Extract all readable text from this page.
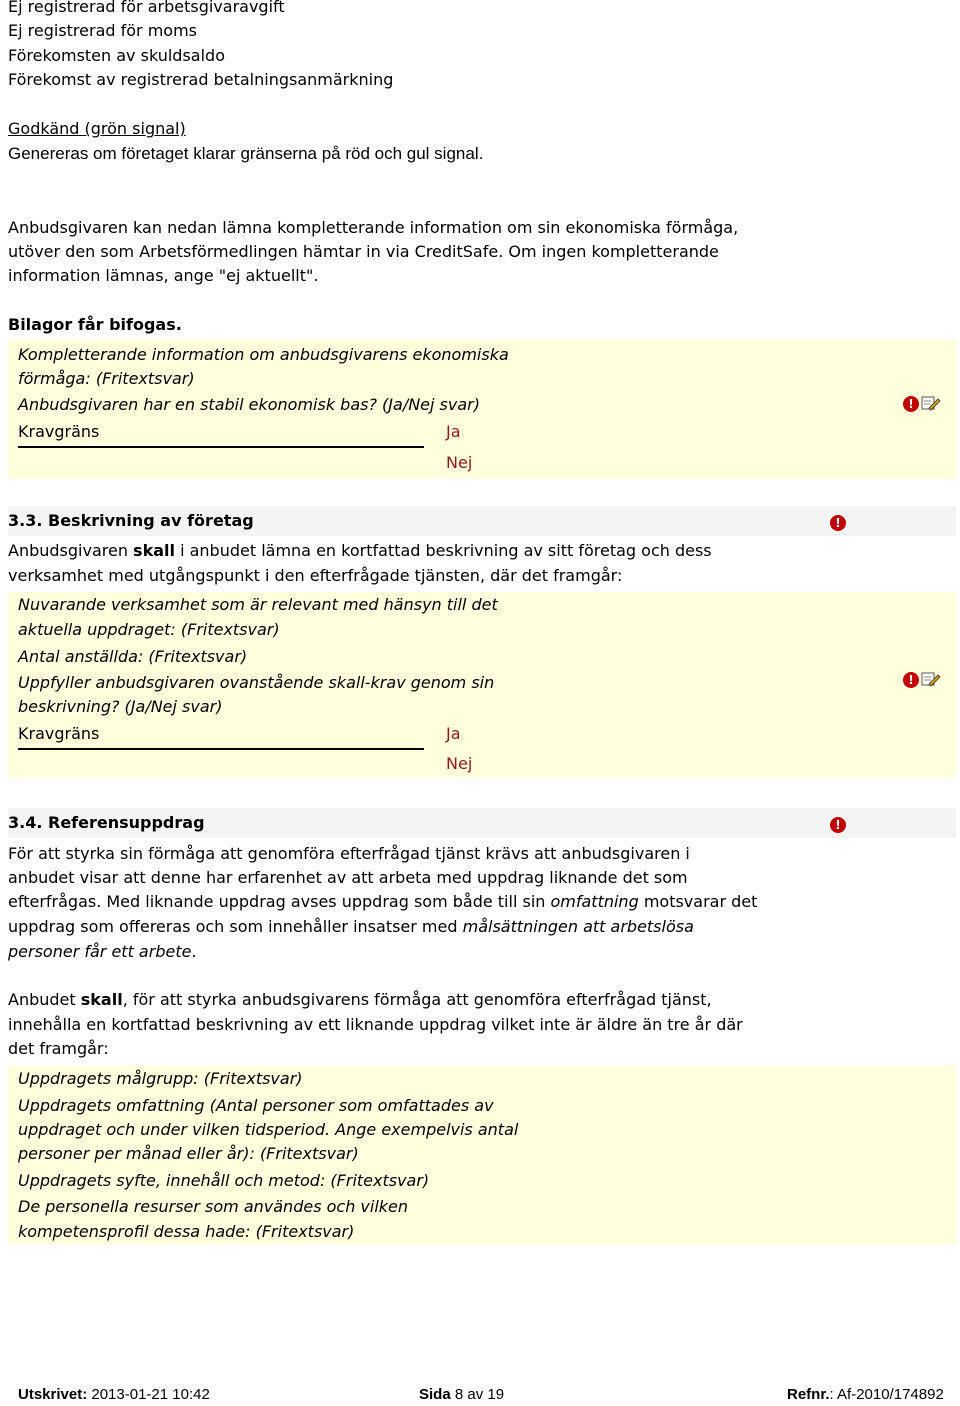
Ej registrerad för arbetsgivaravgift
Ej registrerad för moms
Förekomsten av skuldsaldo
Förekomst av registrerad betalningsanmärkning
Godkänd (grön signal)
Genereras om företaget klarar gränserna på röd och gul signal.
Anbudsgivaren kan nedan lämna kompletterande information om sin ekonomiska förmåga,
utöver den som Arbetsförmedlingen hämtar in via CreditSafe. Om ingen kompletterande
information lämnas, ange "ej aktuellt".
Bilagor får bifogas.
Kompletterande information om anbudsgivarens ekonomiska
förmåga: (Fritextsvar)
Anbudsgivaren har en stabil ekonomisk bas? (Ja/Nej svar)
Kravgräns	Ja
Nej
!
3.3. Beskrivning av företag	!
Anbudsgivaren skall i anbudet lämna en kortfattad beskrivning av sitt företag och dess
verksamhet med utgångspunkt i den efterfrågade tjänsten, där det framgår:
Nuvarande verksamhet som är relevant med hänsyn till det
aktuella uppdraget: (Fritextsvar)
Antal anställda: (Fritextsvar)
Uppfyller anbudsgivaren ovanstående skall-krav genom sin
beskrivning? (Ja/Nej svar)
Kravgräns	Ja
Nej
!
3.4. Referensuppdrag	!
För att styrka sin förmåga att genomföra efterfrågad tjänst krävs att anbudsgivaren i
anbudet visar att denne har erfarenhet av att arbeta med uppdrag liknande det som
efterfrågas. Med liknande uppdrag avses uppdrag som både till sin omfattning motsvarar det
uppdrag som offereras och som innehåller insatser med målsättningen att arbetslösa
personer får ett arbete.
Anbudet skall, för att styrka anbudsgivarens förmåga att genomföra efterfrågad tjänst,
innehålla en kortfattad beskrivning av ett liknande uppdrag vilket inte är äldre än tre år där
det framgår:
Uppdragets målgrupp: (Fritextsvar)
Uppdragets omfattning (Antal personer som omfattades av
uppdraget och under vilken tidsperiod. Ange exempelvis antal
personer per månad eller år): (Fritextsvar)
Uppdragets syfte, innehåll och metod: (Fritextsvar)
De personella resurser som användes och vilken
kompetensprofil dessa hade: (Fritextsvar)
Utskrivet: 2013-01-21 10:42	Sida 8 av 19	Refnr.: Af-2010/174892
